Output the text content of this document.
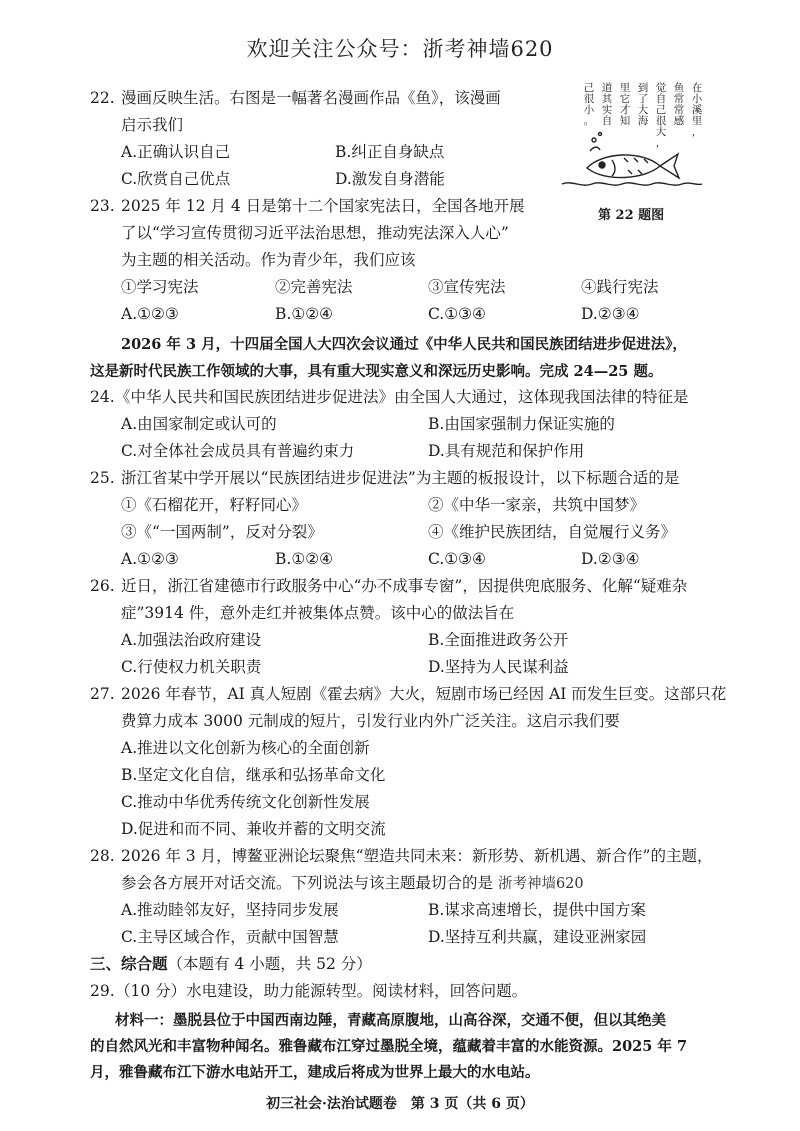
欢迎关注公众号：浙考神墙620
22. 漫画反映生活。右图是一幅著名漫画作品《鱼》，该漫画
启示我们
A.正确认识自己	B.纠正自身缺点
C.欣赏自己优点	D.激发自身潜能
在
小
溪
里
，
鱼
常
常
感
觉
自
己
很
大
，
到
了
大
海
里
它
才
知
道
其
实
自
己
很
小
。
第 22 题图
23. 2025 年 12 月 4 日是第十二个国家宪法日，全国各地开展
了以“学习宣传贯彻习近平法治思想，推动宪法深入人心”
为主题的相关活动。作为青少年，我们应该
①学习宪法	②完善宪法	③宣传宪法	④践行宪法
A.①②③	B.①②④	C.①③④	D.②③④
2026 年 3 月，十四届全国人大四次会议通过《中华人民共和国民族团结进步促进法》，
这是新时代民族工作领域的大事，具有重大现实意义和深远历史影响。完成 24—25 题。
24. 《中华人民共和国民族团结进步促进法》由全国人大通过，这体现我国法律的特征是
A.由国家制定或认可的	B.由国家强制力保证实施的
C.对全体社会成员具有普遍约束力	D.具有规范和保护作用
25. 浙江省某中学开展以“民族团结进步促进法”为主题的板报设计，以下标题合适的是
①《石榴花开，籽籽同心》	②《中华一家亲，共筑中国梦》
③《“一国两制”，反对分裂》	④《维护民族团结，自觉履行义务》
A.①②③	B.①②④	C.①③④	D.②③④
26. 近日，浙江省建德市行政服务中心“办不成事专窗”，因提供兜底服务、化解“疑难杂
症”3914 件，意外走红并被集体点赞。该中心的做法旨在
A.加强法治政府建设	B.全面推进政务公开
C.行使权力机关职责	D.坚持为人民谋利益
27. 2026 年春节，AI 真人短剧《霍去病》大火，短剧市场已经因 AI 而发生巨变。这部只花
费算力成本 3000 元制成的短片，引发行业内外广泛关注。这启示我们要
A.推进以文化创新为核心的全面创新
B.坚定文化自信，继承和弘扬革命文化
C.推动中华优秀传统文化创新性发展
D.促进和而不同、兼收并蓄的文明交流
28. 2026 年 3 月，博鳌亚洲论坛聚焦“塑造共同未来：新形势、新机遇、新合作”的主题，
参会各方展开对话交流。下列说法与该主题最切合的是 浙考神墙620
A.推动睦邻友好，坚持同步发展	B.谋求高速增长，提供中国方案
C.主导区域合作，贡献中国智慧	D.坚持互利共赢，建设亚洲家园
三、综合题（本题有 4 小题，共 52 分）
29. （10 分）水电建设，助力能源转型。阅读材料，回答问题。
材料一：墨脱县位于中国西南边陲，青藏高原腹地，山高谷深，交通不便，但以其绝美
的自然风光和丰富物种闻名。雅鲁藏布江穿过墨脱全境，蕴藏着丰富的水能资源。2025 年 7
月，雅鲁藏布江下游水电站开工，建成后将成为世界上最大的水电站。
初三社会·法治试题卷　第 3 页（共 6 页）
